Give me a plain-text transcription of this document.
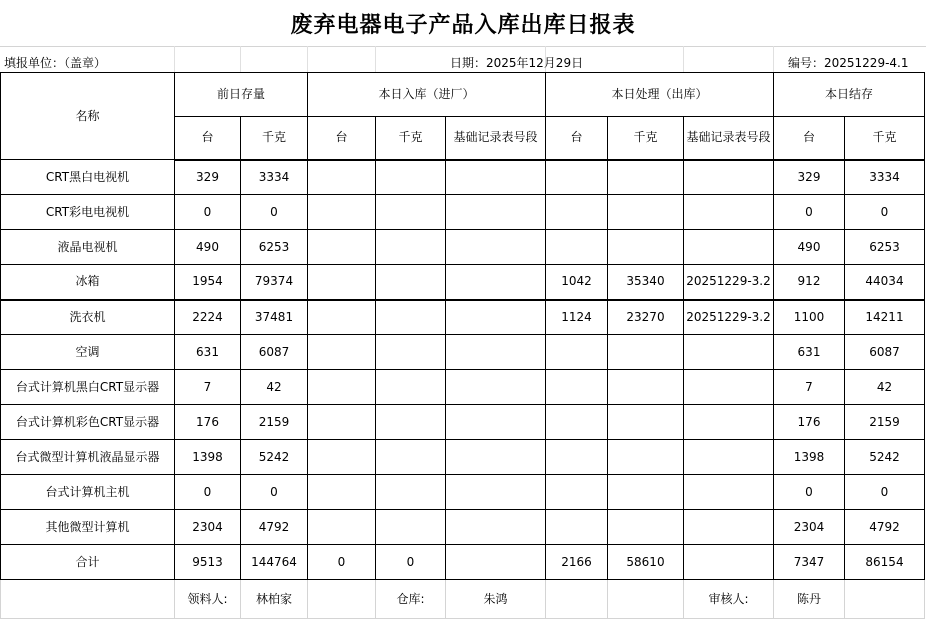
废弃电器电子产品入库出库日报表
填报单位：（盖章）	日期：2025年12月29日	编号：20251229-4.1
名称	前日存量		本日入库（进厂）			本日处理（出库）			本日结存	
	台	千克	台	千克	基础记录表号段	台	千克	基础记录表号段	台	千克
CRT黑白电视机	329	3334							329	3334
CRT彩电电视机	0	0							0	0
液晶电视机	490	6253							490	6253
冰箱	1954	79374				1042	35340	20251229-3.2	912	44034
洗衣机	2224	37481				1124	23270	20251229-3.2	1100	14211
空调	631	6087							631	6087
台式计算机黑白CRT显示器	7	42							7	42
台式计算机彩色CRT显示器	176	2159							176	2159
台式微型计算机液晶显示器	1398	5242							1398	5242
台式计算机主机	0	0							0	0
其他微型计算机	2304	4792							2304	4792
合计	9513	144764	0	0		2166	58610		7347	86154
	领料人:	林柏家		仓库:	朱鸿			审核人:	陈丹	
